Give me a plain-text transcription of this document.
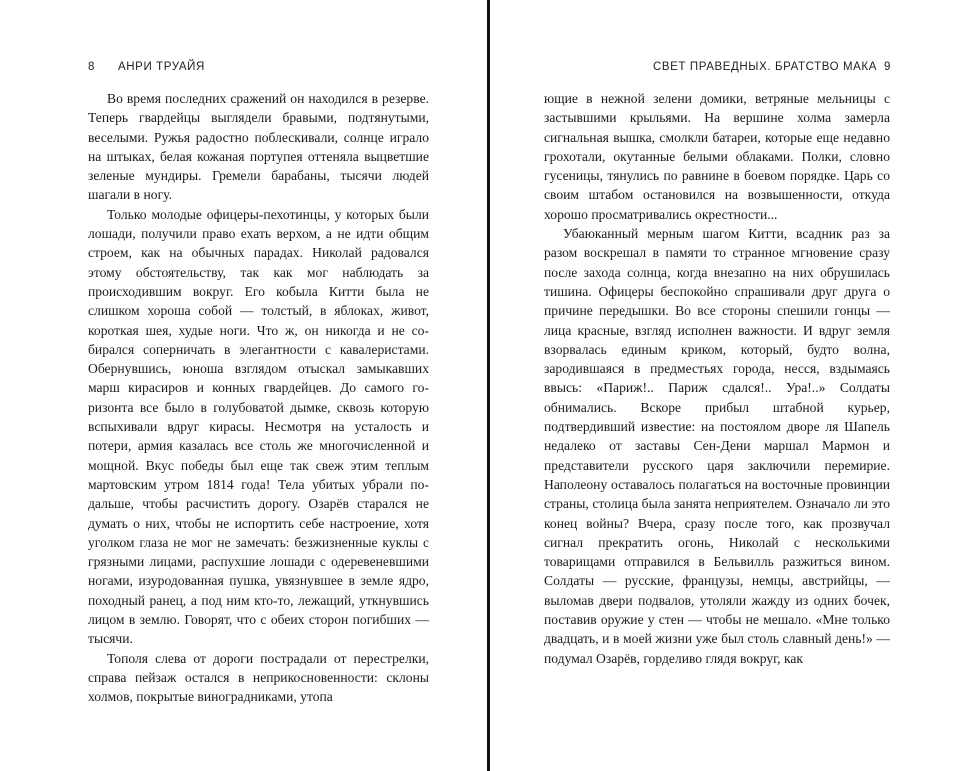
8 АНРИ ТРУАЙЯ

Во время последних сражений он находился в резерве. Теперь гвардейцы выглядели бравыми, подтянутыми, веселыми. Ружья радостно поблескивали, солнце играло на штыках, белая кожаная портупея оттеняла выцветшие зеленые мундиры. Гремели барабаны, тысячи людей шагали в ногу.

Только молодые офицеры-пехотинцы, у которых были лошади, получили право ехать верхом, а не идти общим строем, как на обычных парадах. Николай радовался этому обстоятельству, так как мог наблюдать за происходившим вокруг. Его кобыла Китти была не слишком хороша собой — толстый, в яблоках, живот, короткая шея, худые ноги. Что ж, он никогда и не собирался соперничать в элегантности с кавалеристами. Обернувшись, юноша взглядом отыскал замыкавших марш кирасиров и конных гвардейцев. До самого горизонта все было в голубоватой дымке, сквозь которую вспыхивали вдруг кирасы. Несмотря на усталость и потери, армия казалась все столь же многочисленной и мощной. Вкус победы был еще так свеж этим теплым мартовским утром 1814 года! Тела убитых убрали подальше, чтобы расчистить дорогу. Озарёв старался не думать о них, чтобы не испортить себе настроение, хотя уголком глаза не мог не замечать: безжизненные куклы с грязными лицами, распухшие лошади с одеревеневшими ногами, изуродованная пушка, увязнувшее в земле ядро, походный ранец, а под ним кто-то, лежащий, уткнувшись лицом в землю. Говорят, что с обеих сторон погибших — тысячи.

Тополя слева от дороги пострадали от перестрелки, справа пейзаж остался в неприкосновенности: склоны холмов, покрытые виноградниками, утопа

СВЕТ ПРАВЕДНЫХ. БРАТСТВО МАКА 9

ющие в нежной зелени домики, ветряные мельницы с застывшими крыльями. На вершине холма замерла сигнальная вышка, смолкли батареи, которые еще недавно грохотали, окутанные белыми облаками. Полки, словно гусеницы, тянулись по равнине в боевом порядке. Царь со своим штабом остановился на возвышенности, откуда хорошо просматривались окрестности...

Убаюканный мерным шагом Китти, всадник раз за разом воскрешал в памяти то странное мгновение сразу после захода солнца, когда внезапно на них обрушилась тишина. Офицеры беспокойно спрашивали друг друга о причине передышки. Во все стороны спешили гонцы — лица красные, взгляд исполнен важности. И вдруг земля взорвалась единым криком, который, будто волна, зародившаяся в предместьях города, несся, вздымаясь ввысь: «Париж!.. Париж сдался!.. Ура!..» Солдаты обнимались. Вскоре прибыл штабной курьер, подтвердивший известие: на постоялом дворе ля Шапель недалеко от заставы Сен-Дени маршал Мармон и представители русского царя заключили перемирие. Наполеону оставалось полагаться на восточные провинции страны, столица была занята неприятелем. Означало ли это конец войны? Вчера, сразу после того, как прозвучал сигнал прекратить огонь, Николай с несколькими товарищами отправился в Бельвилль разжиться вином. Солдаты — русские, французы, немцы, австрийцы, — выломав двери подвалов, утоляли жажду из одних бочек, поставив оружие у стен — чтобы не мешало. «Мне только двадцать, и в моей жизни уже был столь славный день!» — подумал Озарёв, горделиво глядя вокруг, как
